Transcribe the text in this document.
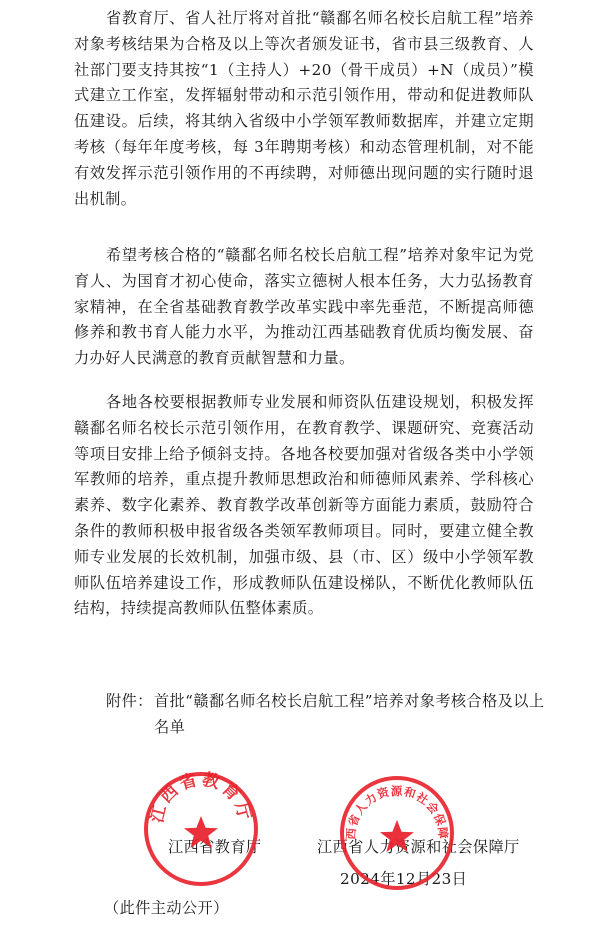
省教育厅、省人社厅将对首批“赣鄱名师名校长启航工程”培养对象考核结果为合格及以上等次者颁发证书，省市县三级教育、人社部门要支持其按“1（主持人）+20（骨干成员）+N（成员）”模式建立工作室，发挥辐射带动和示范引领作用，带动和促进教师队伍建设。后续，将其纳入省级中小学领军教师数据库，并建立定期考核（每年年度考核，每 3年聘期考核）和动态管理机制，对不能有效发挥示范引领作用的不再续聘，对师德出现问题的实行随时退出机制。

希望考核合格的“赣鄱名师名校长启航工程”培养对象牢记为党育人、为国育才初心使命，落实立德树人根本任务，大力弘扬教育家精神，在全省基础教育教学改革实践中率先垂范，不断提高师德修养和教书育人能力水平，为推动江西基础教育优质均衡发展、奋力办好人民满意的教育贡献智慧和力量。

各地各校要根据教师专业发展和师资队伍建设规划，积极发挥赣鄱名师名校长示范引领作用，在教育教学、课题研究、竞赛活动等项目安排上给予倾斜支持。各地各校要加强对省级各类中小学领军教师的培养，重点提升教师思想政治和师德师风素养、学科核心素养、数字化素养、教育教学改革创新等方面能力素质，鼓励符合条件的教师积极申报省级各类领军教师项目。同时，要建立健全教师专业发展的长效机制，加强市级、县（市、区）级中小学领军教师队伍培养建设工作，形成教师队伍建设梯队，不断优化教师队伍结构，持续提高教师队伍整体素质。

附件： 首批“赣鄱名师名校长启航工程”培养对象考核合格及以上名单
江西省教育厅	江西省人力资源和社会保障厅
2024年12月23日
（此件主动公开）
江西省教育厅
西省人力资源和社会保障
